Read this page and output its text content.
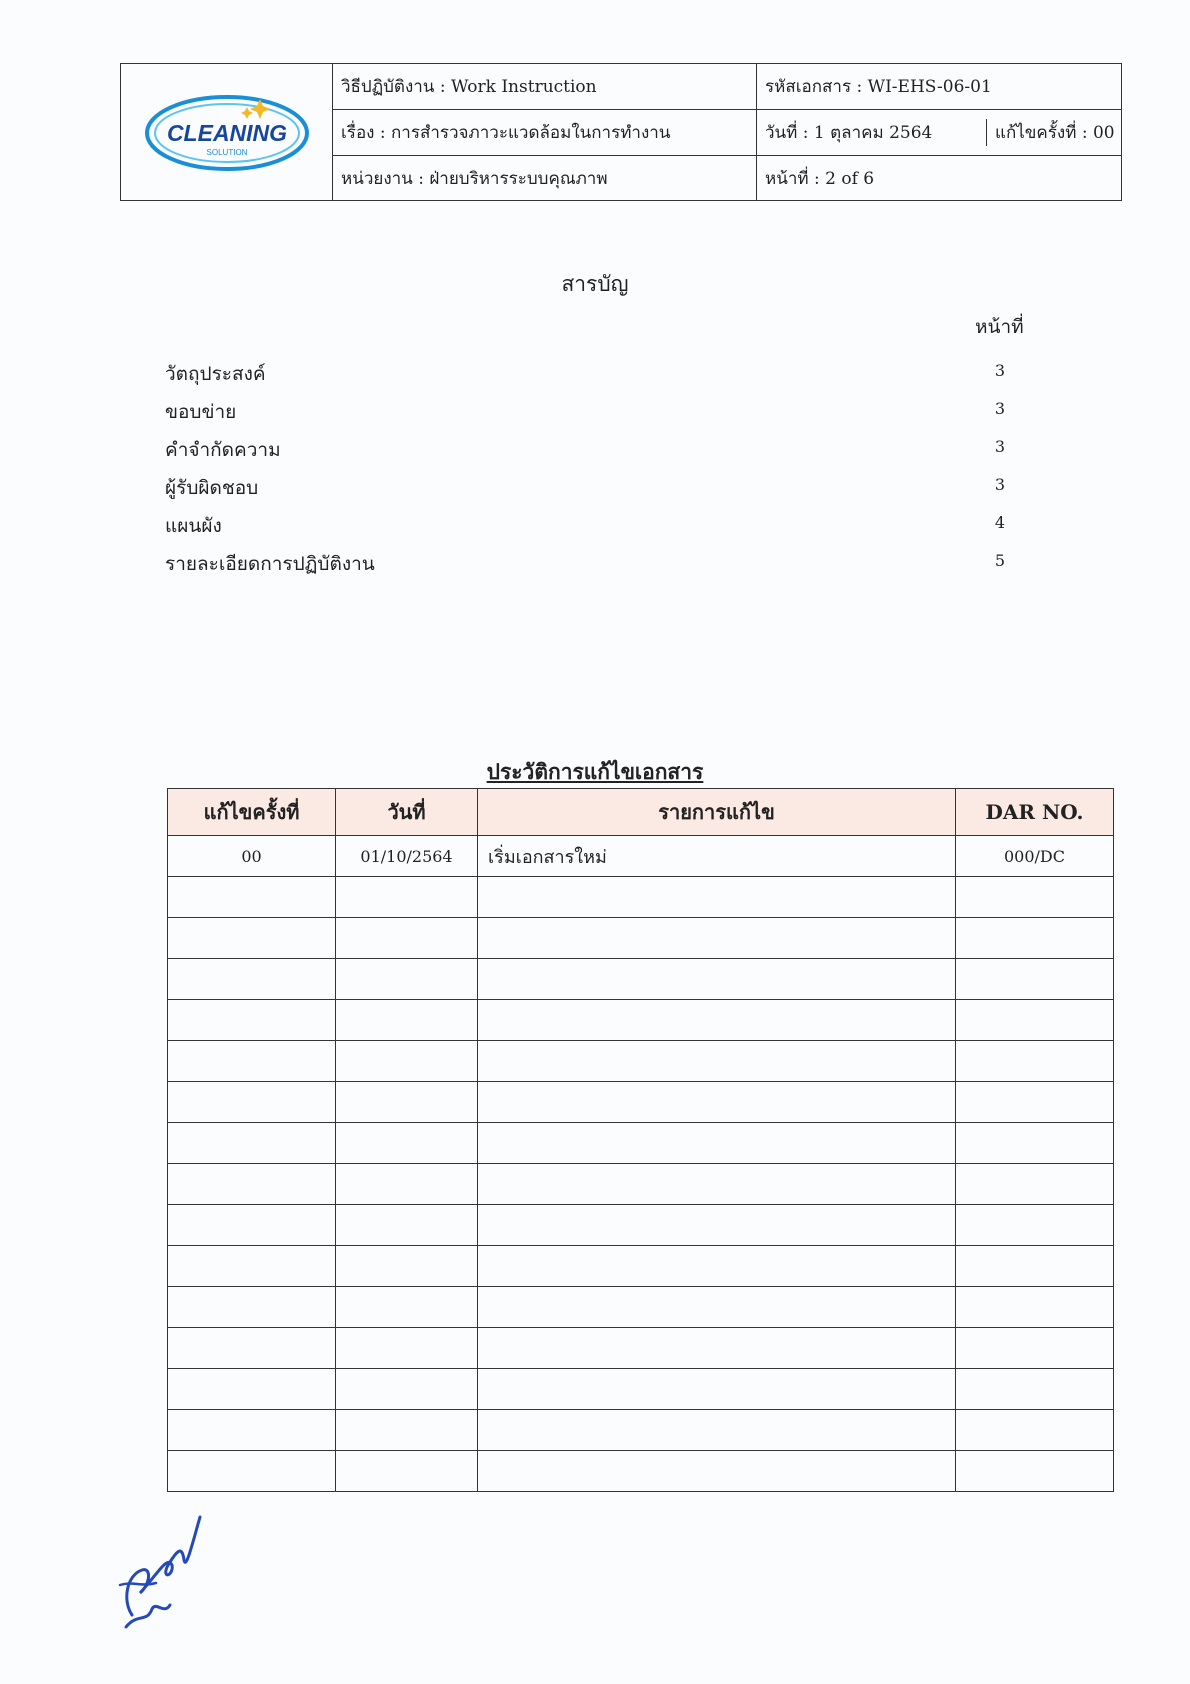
CLEANING
SOLUTION
วิธีปฏิบัติงาน : Work Instruction	รหัสเอกสาร : WI-EHS-06-01
เรื่อง : การสำรวจภาวะแวดล้อมในการทำงาน	วันที่ : 1 ตุลาคม 2564	แก้ไขครั้งที่ : 00
หน่วยงาน : ฝ่ายบริหารระบบคุณภาพ	หน้าที่ : 2 of 6
สารบัญ
หน้าที่
วัตถุประสงค์	3
ขอบข่าย	3
คำจำกัดความ	3
ผู้รับผิดชอบ	3
แผนผัง	4
รายละเอียดการปฏิบัติงาน	5
ประวัติการแก้ไขเอกสาร
แก้ไขครั้งที่	วันที่	รายการแก้ไข	DAR NO.
00	01/10/2564	เริ่มเอกสารใหม่	000/DC
